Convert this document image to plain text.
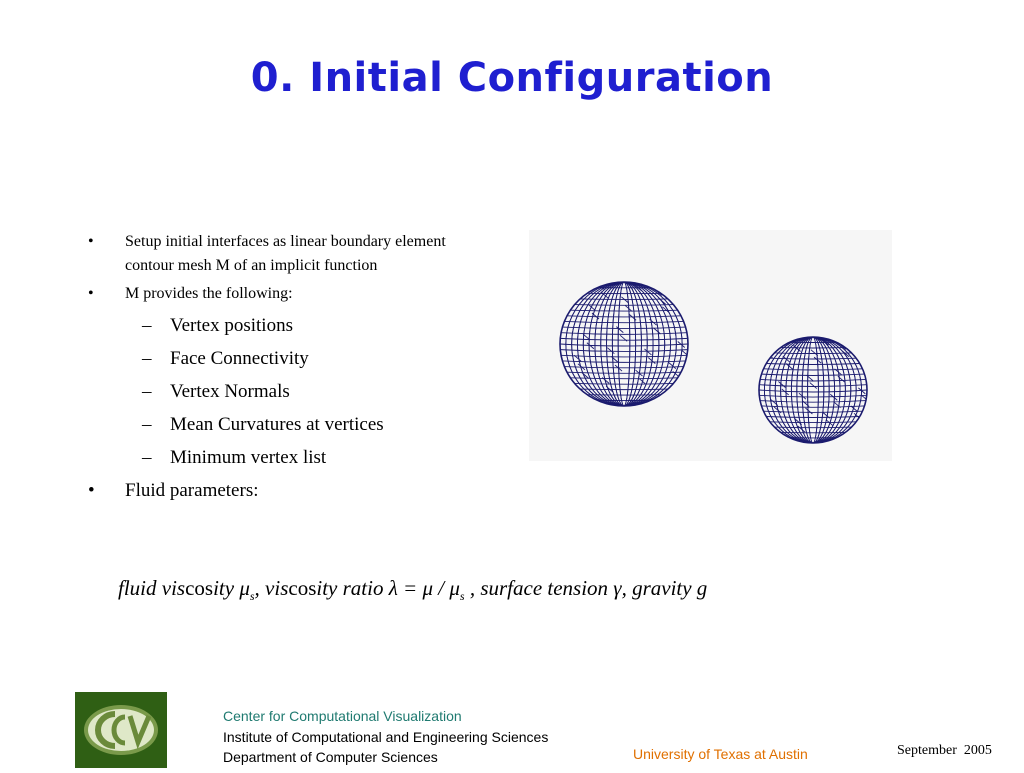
0. Initial Configuration
• Setup initial interfaces as linear boundary element contour mesh M of an implicit function
• M provides the following:
– Vertex positions
– Face Connectivity
– Vertex Normals
– Mean Curvatures at vertices
– Minimum vertex list
• Fluid parameters:
fluid viscosity $\mu_s$, viscosity ratio $\lambda = \mu / \mu_s$ , surface tension γ, gravity g
Center for Computational Visualization
Institute of Computational and Engineering Sciences
Department of Computer Sciences	University of Texas at Austin	September  2005
